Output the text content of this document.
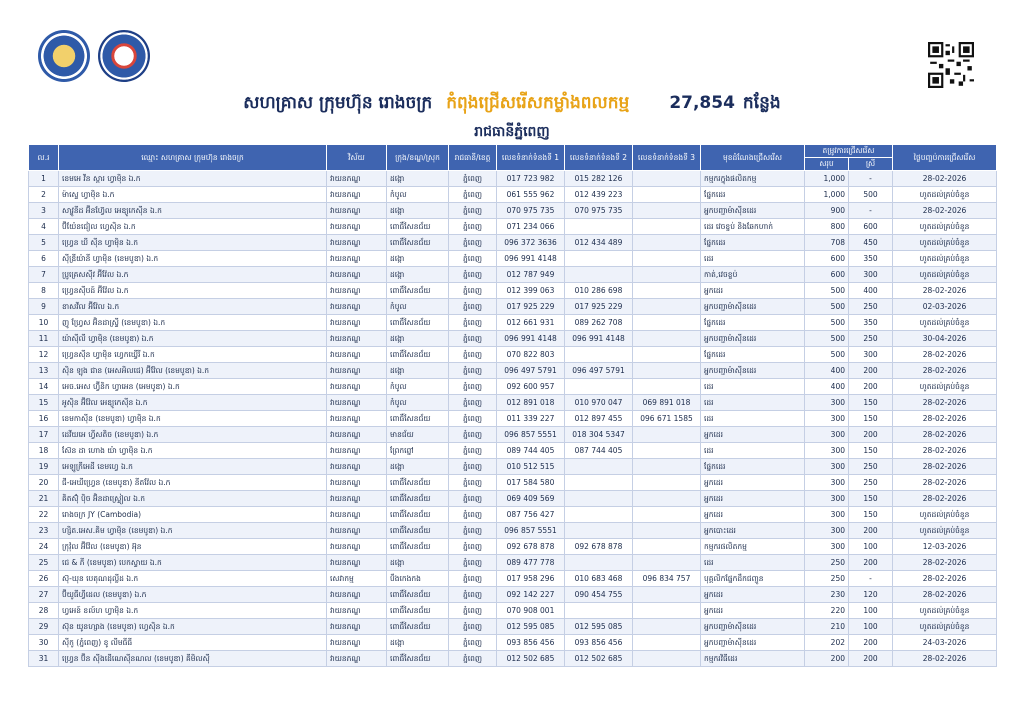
សហគ្រាស ក្រុមហ៊ុន រោងចក្រ កំពុងជ្រើសរើសកម្លាំងពលកម្ម 27,854 កន្លែង
រាជធានីភ្នំពេញ
ល.រ	ឈ្មោះ សហគ្រាស ក្រុមហ៊ុន រោងចក្រ	វិស័យ	ក្រុង/ខណ្ឌ/ស្រុក	រាជធានី/ខេត្ត	លេខទំនាក់ទំនងទី 1	លេខទំនាក់ទំនងទី 2	លេខទំនាក់ទំនងទី 3	មុខដំណែងជ្រើសរើស	តម្រូវការជ្រើសរើស		ថ្ងៃបញ្ចប់ការជ្រើសរើស
									សរុប	ស្រី	
1	ខេមអេ វីន ស្តារ ហ្វាម៉ិន ឯ.ក	វាយនភណ្ឌ	ដង្កោ	ភ្នំពេញ	017 723 982	015 282 126		កម្មករក្នុងផលិតកម្ម	1,000	-	28-02-2026
2	ម៉ាស្ទេ ហ្វាម៉ិន ឯ.ក	វាយនភណ្ឌ	កំបូល	ភ្នំពេញ	061 555 962	012 439 223		ផ្នែកដេរ	1,000	500	ហូតដល់គ្រប់ចំនួន
3	សាវ្ហូនីដ អ៊ីនហ្វ៊ែល អេឌ្យូកេស៊ីន ឯ.ក	វាយនភណ្ឌ	ដង្កោ	ភ្នំពេញ	070 975 735	070 975 735		អ្នកបញ្ជាម៉ាស៊ីនដេរ	900	-	28-02-2026
4	ប៊ីយ៉ែនជៀល ហ្វេស៊ិន ឯ.ក	វាយនភណ្ឌ	ពោធិ៍សែនជ័យ	ភ្នំពេញ	071 234 066			ដេរ វេចខ្ចប់ និងឆែកហាក់	800	600	ហូតដល់គ្រប់ចំនួន
5	ហ្វ្រេន ឃី ស៊ីន ហ្វាម៉ិន ឯ.ក	វាយនភណ្ឌ	ពោធិ៍សែនជ័យ	ភ្នំពេញ	096 372 3636	012 434 489		ផ្នែកដេរ	708	450	ហូតដល់គ្រប់ចំនួន
6	ស៊ីឌ្រីយ៉ានី ហ្វាម៉ិន (ខេមបូឌា) ឯ.ក	វាយនភណ្ឌ	ដង្កោ	ភ្នំពេញ	096 991 4148			ដេរ	600	350	ហូតដល់គ្រប់ចំនួន
7	ប្រូគ្រេសស៊ីវ អ៊ីវ៉ែល ឯ.ក	វាយនភណ្ឌ	ដង្កោ	ភ្នំពេញ	012 787 949			កាត់,វេចខ្ចប់	600	300	ហូតដល់គ្រប់ចំនួន
8	ហ្វ្រេនស៊ីបដ៍ អ៊ីវ៉ែល ឯ.ក	វាយនភណ្ឌ	ពោធិ៍សែនជ័យ	ភ្នំពេញ	012 399 063	010 286 698		អ្នកដេរ	500	400	28-02-2026
9	ខាសវីល អ៊ីវ៉ែល ឯ.ក	វាយនភណ្ឌ	កំបូល	ភ្នំពេញ	017 925 229	017 925 229		អ្នកបញ្ជាម៉ាស៊ីនដេរ	500	250	02-03-2026
10	ញូ ហ្វ្រែស អ៊ិនដាស្ទ្រី (ខេមបូឌា) ឯ.ក	វាយនភណ្ឌ	ពោធិ៍សែនជ័យ	ភ្នំពេញ	012 661 931	089 262 708		ផ្នែកដេរ	500	350	ហូតដល់គ្រប់ចំនួន
11	យ៉ាស៊ីលី ហ្វាម៉ិន (ខេមបូឌា) ឯ.ក	វាយនភណ្ឌ	ដង្កោ	ភ្នំពេញ	096 991 4148	096 991 4148		អ្នកបញ្ជាម៉ាស៊ីនដេរ	500	250	30-04-2026
12	ហ្វ្រេនស៊ីន ហ្វាម៉ិន ហ្វេកឃ្វើរី ឯ.ក	វាយនភណ្ឌ	ពោធិ៍សែនជ័យ	ភ្នំពេញ	070 822 803			ផ្នែកដេរ	500	300	28-02-2026
13	ស៊ិន ឡុង ជាន (អេសអិលជេ) អ៊ីវ៉ែល (ខេមបូឌា) ឯ.ក	វាយនភណ្ឌ	ដង្កោ	ភ្នំពេញ	096 497 5791	096 497 5791		អ្នកបញ្ជាម៉ាស៊ីនដេរ	400	200	28-02-2026
14	អេច.អេស ហ្វ៊ីនិក ហ្វាអេន (អេមបូឌា) ឯ.ក	វាយនភណ្ឌ	កំបូល	ភ្នំពេញ	092 600 957			ដេរ	400	200	ហូតដល់គ្រប់ចំនួន
15	អូស៊ិន អ៊ីវ៉ែល អេឌ្យូកេស៊ីន ឯ.ក	វាយនភណ្ឌ	កំបូល	ភ្នំពេញ	012 891 018	010 970 047	069 891 018	ដេរ	300	150	28-02-2026
16	ខេមកាស៊ីន (ខេមបូឌា) ហ្វាម៉ិន ឯ.ក	វាយនភណ្ឌ	ពោធិ៍សែនជ័យ	ភ្នំពេញ	011 339 227	012 897 455	096 671 1585	ដេរ	300	150	28-02-2026
17	ដេវីយអេ ហ្វីសតិច (ខេមបូឌា) ឯ.ក	វាយនភណ្ឌ	មានជ័យ	ភ្នំពេញ	096 857 5551	018 304 5347		អ្នកដេរ	300	200	28-02-2026
18	ស៊ែន ដា ហោង យ៉ា ហ្វាម៉ិន ឯ.ក	វាយនភណ្ឌ	ព្រែកព្នៅ	ភ្នំពេញ	089 744 405	087 744 405		ដេរ	300	150	28-02-2026
19	អេឡូក្រីអេដី ខេមហ្វេ ឯ.ក	វាយនភណ្ឌ	ដង្កោ	ភ្នំពេញ	010 512 515			ផ្នែកដេរ	300	250	28-02-2026
20	ជី-អេឃីហ្វ្រេន (ខេមបូឌា) នីតវ៉ែល ឯ.ក	វាយនភណ្ឌ	ពោធិ៍សែនជ័យ	ភ្នំពេញ	017 584 580			អ្នកដេរ	300	250	28-02-2026
21	គិតស៊ុំ ប៉ិច អ៊ិនដាស្ទ្រៀល ឯ.ក	វាយនភណ្ឌ	ពោធិ៍សែនជ័យ	ភ្នំពេញ	069 409 569			អ្នកដេរ	300	150	28-02-2026
22	រោងចក្រ JY (Cambodia)	វាយនភណ្ឌ	ពោធិ៍សែនជ័យ	ភ្នំពេញ	087 756 427			អ្នកដេរ	300	150	ហូតដល់គ្រប់ចំនួន
23	ហ្សិត.អេស.គិម ហ្វាម៉ិន (ខេមបូឌា) ឯ.ក	វាយនភណ្ឌ	ពោធិ៍សែនជ័យ	ភ្នំពេញ	096 857 5551			អ្នកបោះដេរ	300	200	ហូតដល់គ្រប់ចំនួន
24	ក្រុវ៉ុល អ៊ីវ៉ែល (ខេមបូឌា) អ៊ុន	វាយនភណ្ឌ	ពោធិ៍សែនជ័យ	ភ្នំពេញ	092 678 878	092 678 878		កម្មករផលិតកម្ម	300	100	12-03-2026
25	ជេ & ភី (ខេមបូឌា) បេកស្ទាយ ឯ.ក	វាយនភណ្ឌ	ដង្កោ	ភ្នំពេញ	089 477 778			ដេរ	250	200	28-02-2026
26	ស៊ុ-ឃុន បេតុណដុល្លីដ ឯ.ក	សេវាកម្ម	បឹងកេងកង	ភ្នំពេញ	017 958 296	010 683 468	096 834 757	បុគ្គលិកផ្នែកដឹកជញ្ជូន	250	-	28-02-2026
27	ប៊ីយូធីហ្វីដេល (ខេមបូឌា) ឯ.ក	វាយនភណ្ឌ	ពោធិ៍សែនជ័យ	ភ្នំពេញ	092 142 227	090 454 755		អ្នកដេរ	230	120	28-02-2026
28	ហ្វអេន៍ ខល៍ហ ហ្វាម៉ិន ឯ.ក	វាយនភណ្ឌ	ពោធិ៍សែនជ័យ	ភ្នំពេញ	070 908 001			អ្នកដេរ	220	100	ហូតដល់គ្រប់ចំនួន
29	ស៊ុន យូនហ្សាង (ខេមបូឌា) ហ្វេស៊ិន ឯ.ក	វាយនភណ្ឌ	ពោធិ៍សែនជ័យ	ភ្នំពេញ	012 595 085	012 595 085		អ្នកបញ្ជាម៉ាស៊ីនដេរ	210	100	ហូតដល់គ្រប់ចំនួន
30	ស៊ីកូ (ភ្នំពេញ) ខូ លីមធីធី	វាយនភណ្ឌ	ដង្កោ	ភ្នំពេញ	093 856 456	093 856 456		អ្នកបញ្ជាម៉ាស៊ីនដេរ	202	200	24-03-2026
31	ហ្វ្រេន ប៊ីន ស៊ីងដើណេស៊ីនណល (ខេមបូឌា) គីមិលស៊ី	វាយនភណ្ឌ	ពោធិ៍សែនជ័យ	ភ្នំពេញ	012 502 685	012 502 685		កម្មករវិធីដេរ	200	200	28-02-2026
